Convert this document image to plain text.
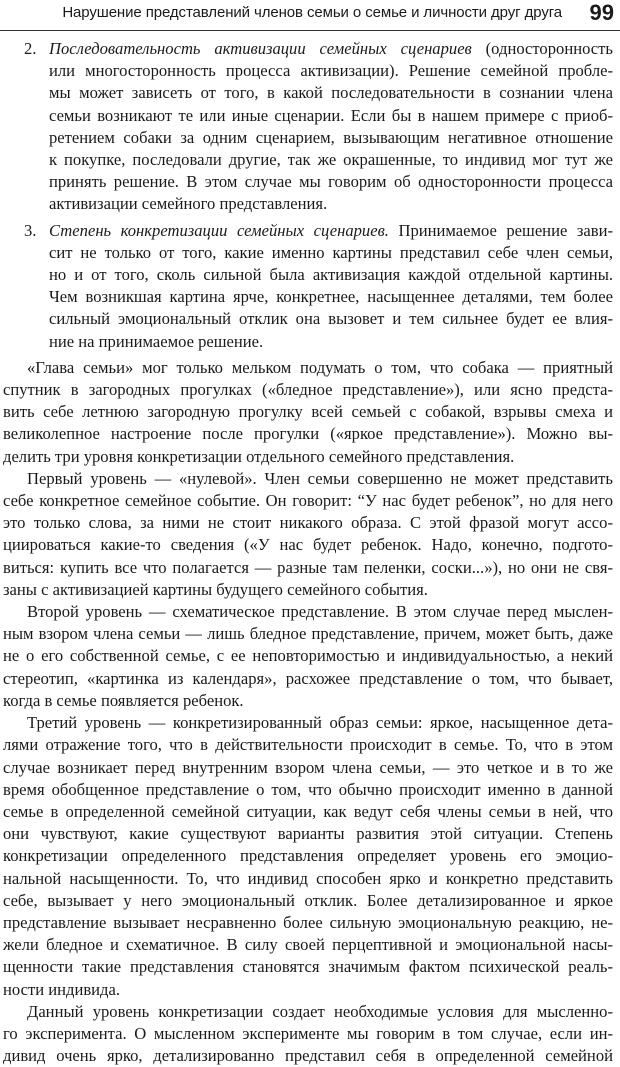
Нарушение представлений членов семьи о семье и личности друг друга 99
2. Последовательность активизации семейных сценариев (односторонность
или многосторонность процесса активизации). Решение семейной пробле-
мы может зависеть от того, в какой последовательности в сознании члена
семьи возникают те или иные сценарии. Если бы в нашем примере с приоб-
ретением собаки за одним сценарием, вызывающим негативное отношение
к покупке, последовали другие, так же окрашенные, то индивид мог тут же
принять решение. В этом случае мы говорим об односторонности процесса
активизации семейного представления.
3. Степень конкретизации семейных сценариев. Принимаемое решение зави-
сит не только от того, какие именно картины представил себе член семьи,
но и от того, сколь сильной была активизация каждой отдельной картины.
Чем возникшая картина ярче, конкретнее, насыщеннее деталями, тем более
сильный эмоциональный отклик она вызовет и тем сильнее будет ее влия-
ние на принимаемое решение.
«Глава семьи» мог только мельком подумать о том, что собака — приятный
спутник в загородных прогулках («бледное представление»), или ясно предста-
вить себе летнюю загородную прогулку всей семьей с собакой, взрывы смеха и
великолепное настроение после прогулки («яркое представление»). Можно вы-
делить три уровня конкретизации отдельного семейного представления.
Первый уровень — «нулевой». Член семьи совершенно не может представить
себе конкретное семейное событие. Он говорит: “У нас будет ребенок”, но для него
это только слова, за ними не стоит никакого образа. С этой фразой могут ассо-
циироваться какие-то сведения («У нас будет ребенок. Надо, конечно, подгото-
виться: купить все что полагается — разные там пеленки, соски...»), но они не свя-
заны с активизацией картины будущего семейного события.
Второй уровень — схематическое представление. В этом случае перед мыслен-
ным взором члена семьи — лишь бледное представление, причем, может быть, даже
не о его собственной семье, с ее неповторимостью и индивидуальностью, а некий
стереотип, «картинка из календаря», расхожее представление о том, что бывает,
когда в семье появляется ребенок.
Третий уровень — конкретизированный образ семьи: яркое, насыщенное дета-
лями отражение того, что в действительности происходит в семье. То, что в этом
случае возникает перед внутренним взором члена семьи, — это четкое и в то же
время обобщенное представление о том, что обычно происходит именно в данной
семье в определенной семейной ситуации, как ведут себя члены семьи в ней, что
они чувствуют, какие существуют варианты развития этой ситуации. Степень
конкретизации определенного представления определяет уровень его эмоцио-
нальной насыщенности. То, что индивид способен ярко и конкретно представить
себе, вызывает у него эмоциональный отклик. Более детализированное и яркое
представление вызывает несравненно более сильную эмоциональную реакцию, не-
жели бледное и схематичное. В силу своей перцептивной и эмоциональной насы-
щенности такие представления становятся значимым фактом психической реаль-
ности индивида.
Данный уровень конкретизации создает необходимые условия для мысленно-
го эксперимента. О мысленном эксперименте мы говорим в том случае, если ин-
дивид очень ярко, детализированно представил себя в определенной семейной
